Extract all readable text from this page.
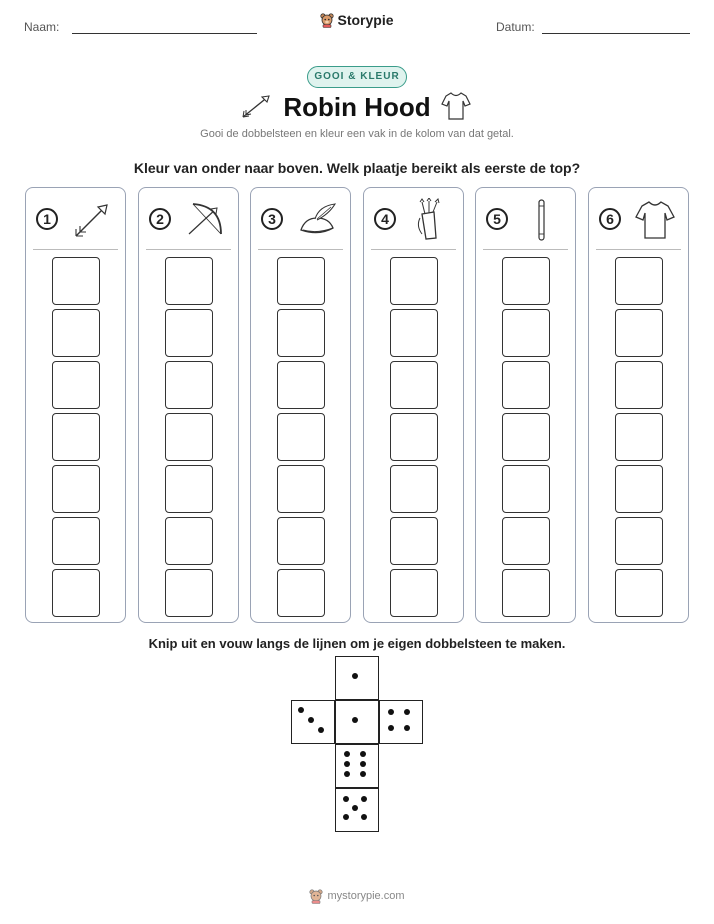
Naam:	Storypie	Datum:
GOOI & KLEUR
Robin Hood
Gooi de dobbelsteen en kleur een vak in de kolom van dat getal.
Kleur van onder naar boven. Welk plaatje bereikt als eerste de top?
1	2	3	4	5	6
Knip uit en vouw langs de lijnen om je eigen dobbelsteen te maken.
mystorypie.com
